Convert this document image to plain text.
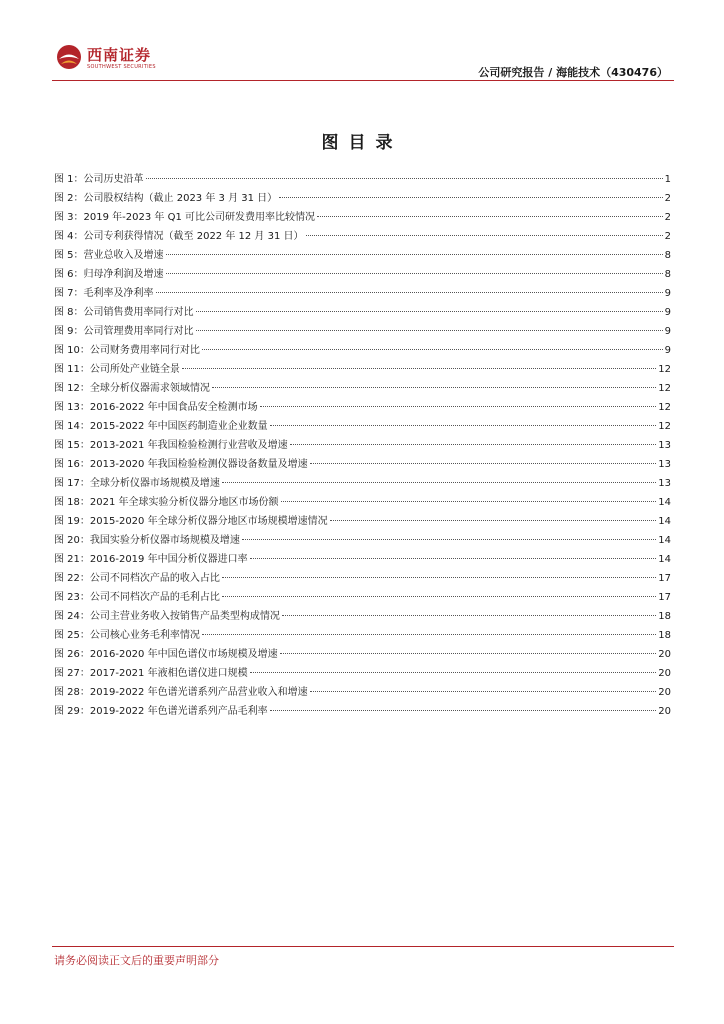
西南证券
SOUTHWEST SECURITIES	公司研究报告 / 海能技术（430476）
图目录
图 1：公司历史沿革	1
图 2：公司股权结构（截止 2023 年 3 月 31 日）	2
图 3：2019 年-2023 年 Q1 可比公司研发费用率比较情况	2
图 4：公司专利获得情况（截至 2022 年 12 月 31 日）	2
图 5：营业总收入及增速	8
图 6：归母净利润及增速	8
图 7：毛利率及净利率	9
图 8：公司销售费用率同行对比	9
图 9：公司管理费用率同行对比	9
图 10：公司财务费用率同行对比	9
图 11：公司所处产业链全景	12
图 12：全球分析仪器需求领域情况	12
图 13：2016-2022 年中国食品安全检测市场	12
图 14：2015-2022 年中国医药制造业企业数量	12
图 15：2013-2021 年我国检验检测行业营收及增速	13
图 16：2013-2020 年我国检验检测仪器设备数量及增速	13
图 17：全球分析仪器市场规模及增速	13
图 18：2021 年全球实验分析仪器分地区市场份额	14
图 19：2015-2020 年全球分析仪器分地区市场规模增速情况	14
图 20：我国实验分析仪器市场规模及增速	14
图 21：2016-2019 年中国分析仪器进口率	14
图 22：公司不同档次产品的收入占比	17
图 23：公司不同档次产品的毛利占比	17
图 24：公司主营业务收入按销售产品类型构成情况	18
图 25：公司核心业务毛利率情况	18
图 26：2016-2020 年中国色谱仪市场规模及增速	20
图 27：2017-2021 年液相色谱仪进口规模	20
图 28：2019-2022 年色谱光谱系列产品营业收入和增速	20
图 29：2019-2022 年色谱光谱系列产品毛利率	20
请务必阅读正文后的重要声明部分
